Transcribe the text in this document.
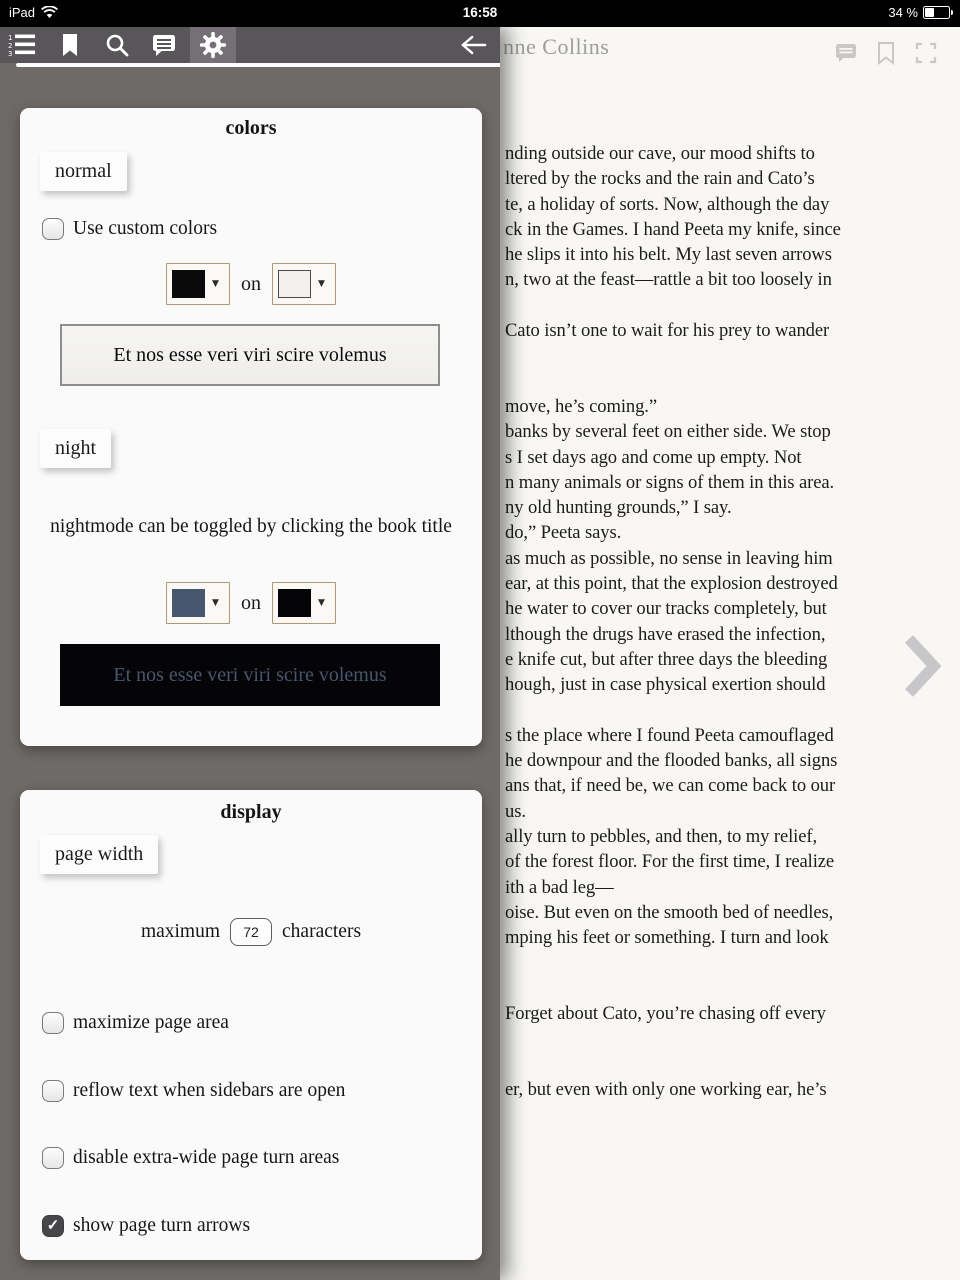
iPad	16:58	34 %
nne Collins
nding outside our cave, our mood shifts to
ltered by the rocks and the rain and Cato’s
te, a holiday of sorts. Now, although the day
ck in the Games. I hand Peeta my knife, since
he slips it into his belt. My last seven arrows
n, two at the feast—rattle a bit too loosely in
Cato isn’t one to wait for his prey to wander
move, he’s coming.”
banks by several feet on either side. We stop
s I set days ago and come up empty. Not
n many animals or signs of them in this area.
ny old hunting grounds,” I say.
do,” Peeta says.
as much as possible, no sense in leaving him
ear, at this point, that the explosion destroyed
he water to cover our tracks completely, but
lthough the drugs have erased the infection,
e knife cut, but after three days the bleeding
hough, just in case physical exertion should
s the place where I found Peeta camouflaged
he downpour and the flooded banks, all signs
ans that, if need be, we can come back to our
us.
ally turn to pebbles, and then, to my relief,
of the forest floor. For the first time, I realize
ith a bad leg—
oise. But even on the smooth bed of needles,
mping his feet or something. I turn and look
Forget about Cato, you’re chasing off every
er, but even with only one working ear, he’s
1
2
3
colors
normal
Use custom colors
▼ on	▼
Et nos esse veri viri scire volemus
night
nightmode can be toggled by clicking the book title
▼ on	▼
Et nos esse veri viri scire volemus
display
page width
maximum
72	characters
maximize page area
reflow text when sidebars are open
disable extra-wide page turn areas
✓
show page turn arrows
